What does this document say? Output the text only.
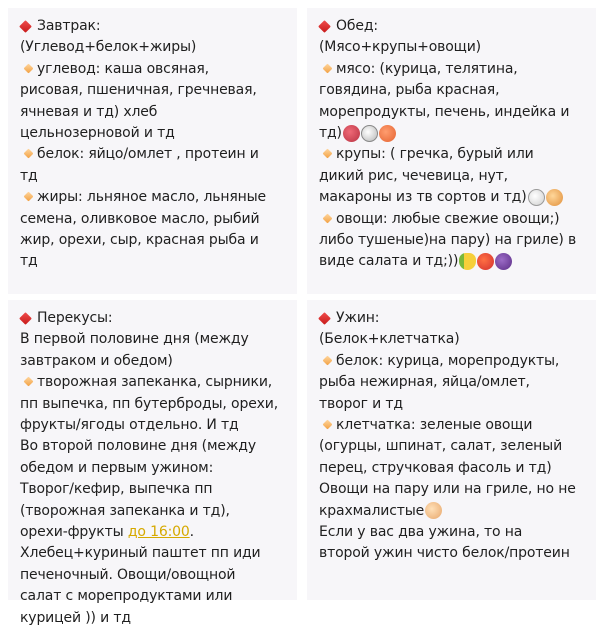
Завтрак:
(Углевод+белок+жиры)
углевод: каша овсяная,
рисовая, пшеничная, гречневая,
ячневая и тд) хлеб
цельнозерновой и тд
белок: яйцо/омлет , протеин и
тд
жиры: льняное масло, льняные
семена, оливковое масло, рыбий
жир, орехи, сыр, красная рыба и
тд
Обед:
(Мясо+крупы+овощи)
мясо: (курица, телятина,
говядина, рыба красная,
морепродукты, печень, индейка и
тд)
крупы: ( гречка, бурый или
дикий рис, чечевица, нут,
макароны из тв сортов и тд)
овощи: любые свежие овощи;)
либо тушеные)на пару) на гриле) в
виде салата и тд;))
Перекусы:
В первой половине дня (между
завтраком и обедом)
творожная запеканка, сырники,
пп выпечка, пп бутерброды, орехи,
фрукты/ягоды отдельно. И тд
Во второй половине дня (между
обедом и первым ужином:
Творог/кефир, выпечка пп
(творожная запеканка и тд),
орехи-фрукты до 16:00.
Хлебец+куриный паштет пп иди
печеночный. Овощи/овощной
салат с морепродуктами или
курицей )) и тд
Ужин:
(Белок+клетчатка)
белок: курица, морепродукты,
рыба нежирная, яйца/омлет,
творог и тд
клетчатка: зеленые овощи
(огурцы, шпинат, салат, зеленый
перец, стручковая фасоль и тд)
Овощи на пару или на гриле, но не
крахмалистые
Если у вас два ужина, то на
второй ужин чисто белок/протеин
